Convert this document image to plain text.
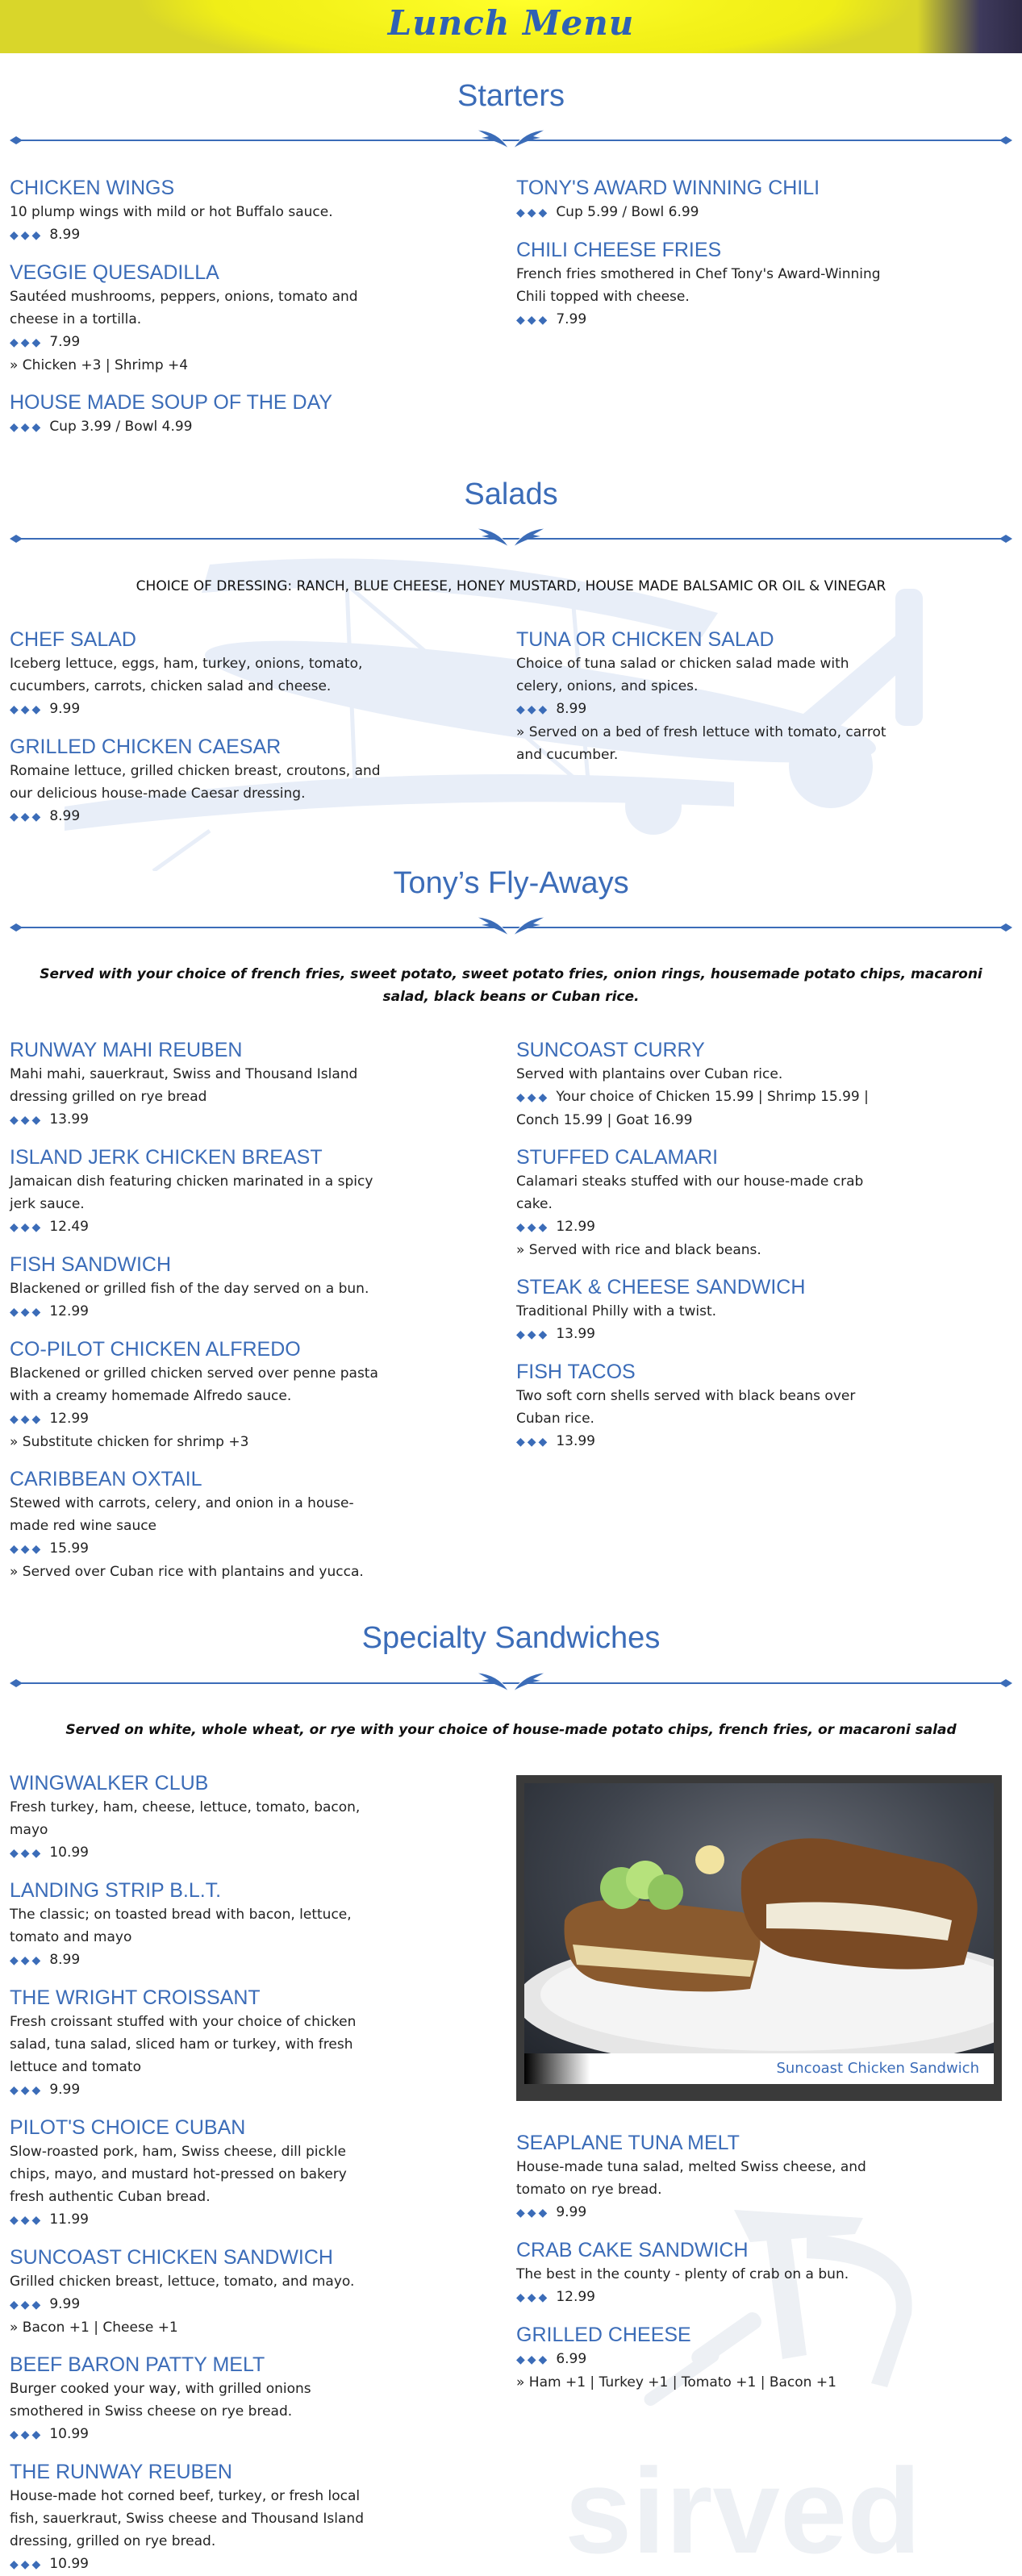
Lunch Menu
sirved
Starters
CHICKEN WINGS
10 plump wings with mild or hot Buffalo sauce.
◆◆◆ 8.99
VEGGIE QUESADILLA
Sautéed mushrooms, peppers, onions, tomato and cheese in a tortilla.
◆◆◆ 7.99
» Chicken +3 | Shrimp +4
HOUSE MADE SOUP OF THE DAY
◆◆◆ Cup 3.99 / Bowl 4.99
TONY'S AWARD WINNING CHILI
◆◆◆ Cup 5.99 / Bowl 6.99
CHILI CHEESE FRIES
French fries smothered in Chef Tony's Award-Winning Chili topped with cheese.
◆◆◆ 7.99
Salads
CHOICE OF DRESSING: RANCH, BLUE CHEESE, HONEY MUSTARD, HOUSE MADE BALSAMIC OR OIL & VINEGAR
CHEF SALAD
Iceberg lettuce, eggs, ham, turkey, onions, tomato, cucumbers, carrots, chicken salad and cheese.
◆◆◆ 9.99
GRILLED CHICKEN CAESAR
Romaine lettuce, grilled chicken breast, croutons, and our delicious house-made Caesar dressing.
◆◆◆ 8.99
TUNA OR CHICKEN SALAD
Choice of tuna salad or chicken salad made with celery, onions, and spices.
◆◆◆ 8.99
» Served on a bed of fresh lettuce with tomato, carrot and cucumber.
Tony’s Fly-Aways
Served with your choice of french fries, sweet potato, sweet potato fries, onion rings, housemade potato chips, macaroni salad, black beans or Cuban rice.
RUNWAY MAHI REUBEN
Mahi mahi, sauerkraut, Swiss and Thousand Island dressing grilled on rye bread
◆◆◆ 13.99
ISLAND JERK CHICKEN BREAST
Jamaican dish featuring chicken marinated in a spicy jerk sauce.
◆◆◆ 12.49
FISH SANDWICH
Blackened or grilled fish of the day served on a bun.
◆◆◆ 12.99
CO-PILOT CHICKEN ALFREDO
Blackened or grilled chicken served over penne pasta with a creamy homemade Alfredo sauce.
◆◆◆ 12.99
» Substitute chicken for shrimp +3
CARIBBEAN OXTAIL
Stewed with carrots, celery, and onion in a house-made red wine sauce
◆◆◆ 15.99
» Served over Cuban rice with plantains and yucca.
SUNCOAST CURRY
Served with plantains over Cuban rice.
◆◆◆ Your choice of Chicken 15.99 | Shrimp 15.99 | Conch 15.99 | Goat 16.99
STUFFED CALAMARI
Calamari steaks stuffed with our house-made crab cake.
◆◆◆ 12.99
» Served with rice and black beans.
STEAK & CHEESE SANDWICH
Traditional Philly with a twist.
◆◆◆ 13.99
FISH TACOS
Two soft corn shells served with black beans over Cuban rice.
◆◆◆ 13.99
Specialty Sandwiches
Served on white, whole wheat, or rye with your choice of house-made potato chips, french fries, or macaroni salad
WINGWALKER CLUB
Fresh turkey, ham, cheese, lettuce, tomato, bacon, mayo
◆◆◆ 10.99
LANDING STRIP B.L.T.
The classic; on toasted bread with bacon, lettuce, tomato and mayo
◆◆◆ 8.99
THE WRIGHT CROISSANT
Fresh croissant stuffed with your choice of chicken salad, tuna salad, sliced ham or turkey, with fresh lettuce and tomato
◆◆◆ 9.99
PILOT'S CHOICE CUBAN
Slow-roasted pork, ham, Swiss cheese, dill pickle chips, mayo, and mustard hot-pressed on bakery fresh authentic Cuban bread.
◆◆◆ 11.99
SUNCOAST CHICKEN SANDWICH
Grilled chicken breast, lettuce, tomato, and mayo.
◆◆◆ 9.99
» Bacon +1 | Cheese +1
BEEF BARON PATTY MELT
Burger cooked your way, with grilled onions smothered in Swiss cheese on rye bread.
◆◆◆ 10.99
THE RUNWAY REUBEN
House-made hot corned beef, turkey, or fresh local fish, sauerkraut, Swiss cheese and Thousand Island dressing, grilled on rye bread.
◆◆◆ 10.99
Suncoast Chicken Sandwich
SEAPLANE TUNA MELT
House-made tuna salad, melted Swiss cheese, and tomato on rye bread.
◆◆◆ 9.99
CRAB CAKE SANDWICH
The best in the county - plenty of crab on a bun.
◆◆◆ 12.99
GRILLED CHEESE
◆◆◆ 6.99
» Ham +1 | Turkey +1 | Tomato +1 | Bacon +1
